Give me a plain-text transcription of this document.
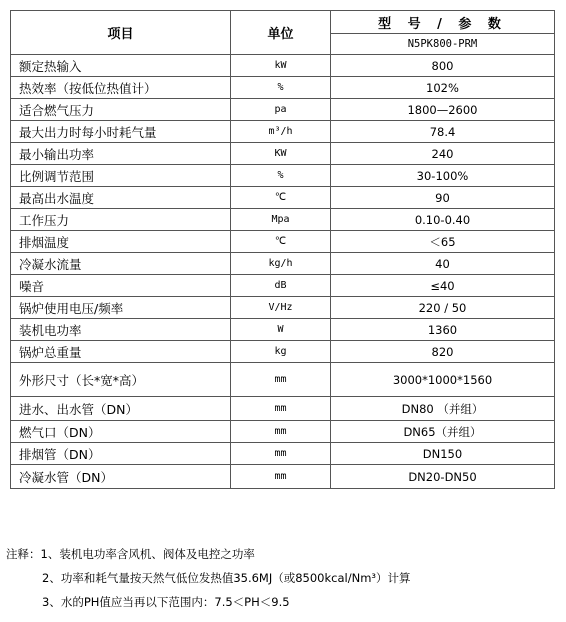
项目	单位	型 号 / 参 数
		N5PK800-PRM
额定热输入	kW	800
热效率（按低位热值计）	%	102%
适合燃气压力	pa	1800—2600
最大出力时每小时耗气量	m³/h	78.4
最小输出功率	KW	240
比例调节范围	%	30-100%
最高出水温度	℃	90
工作压力	Mpa	0.10-0.40
排烟温度	℃	＜65
冷凝水流量	kg/h	40
噪音	dB	≤40
锅炉使用电压/频率	V/Hz	220 / 50
装机电功率	W	1360
锅炉总重量	kg	820
外形尺寸（长*宽*高）	mm	3000*1000*1560
进水、出水管（DN）	mm	DN80 （并组）
燃气口（DN）	mm	DN65（并组）
排烟管（DN）	mm	DN150
冷凝水管（DN）	mm	DN20-DN50
注释：1、装机电功率含风机、阀体及电控之功率
2、功率和耗气量按天然气低位发热值35.6MJ（或8500kcal/Nm³）计算
3、水的PH值应当再以下范围内：7.5＜PH＜9.5
